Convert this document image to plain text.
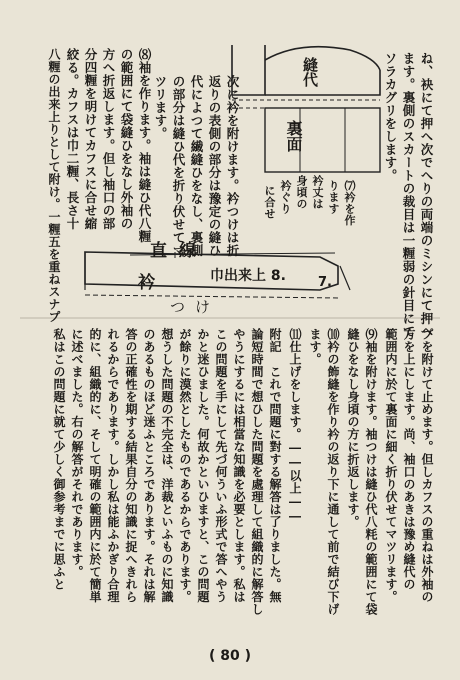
縫代
裏面
直線
衿	巾出来上 8. 7.
つけ	ね、袂にて押へ次でへりの両端のミシンにて押へ
ます。裏側のスカートの裁目は一糎弱の針目にて
ソラカグリをします。
⑺衿を作
ります
衿丈は
身頃の
衿ぐり
に合せ
次に衿を附けます。衿つけは折
返りの表側の部分は豫定の縫ひ
代によつて繊縫ひをなし、裏側
の部分は縫ひ代を折り伏せてマ
ツリます。
⑻袖を作ります。袖は縫ひ代八糎
の範囲にて袋縫ひをなし外袖の
方へ折返します。但し袖口の部
分四糎を明けてカフスに合せ縮
絞る。カフスは巾二糎、長さ十
八糎の出来上りとして附け。一糎五を重ねスナプ
プを附けて止めます。但しカフスの重ねは外袖の
方を上にします。尚、袖口のあきは豫め縫代の
範囲内に於て裏面に細く折り伏せてマツリます。
⑼袖を附けます。袖つけは縫ひ代八粍の範囲にて袋
縫ひをなし身頃の方に折返します。
⑽衿の飾縫を作り衿の返り下に通して前で結び下げ
ます。
⑾仕上げをします。――以上――
附記　これで問題に對する解答は了りました。無
論短時間で想ひした問題を處理して組織的に解答し
やうにするには相當な知識を必要とします。私は
この問題を手にして先づ何ういふ形式で答へやう
かと迷ひました。何故かといひますと、この問題
が餘りに漠然としたものであるからであります。
想うした問題の不完全は、洋裁といふものに知識
のあるものほど迷ふところであります。それは解
答の正確性を期する結果自分の知識に捉へきれら
れるからであります。しかし私は能ふかぎり合理
的に、組織的に、そして明確の範囲内に於て簡単
に述べました。右の解答がそれであります。
私はこの問題に就て少しく御参考までに思ふと
( 80 )
